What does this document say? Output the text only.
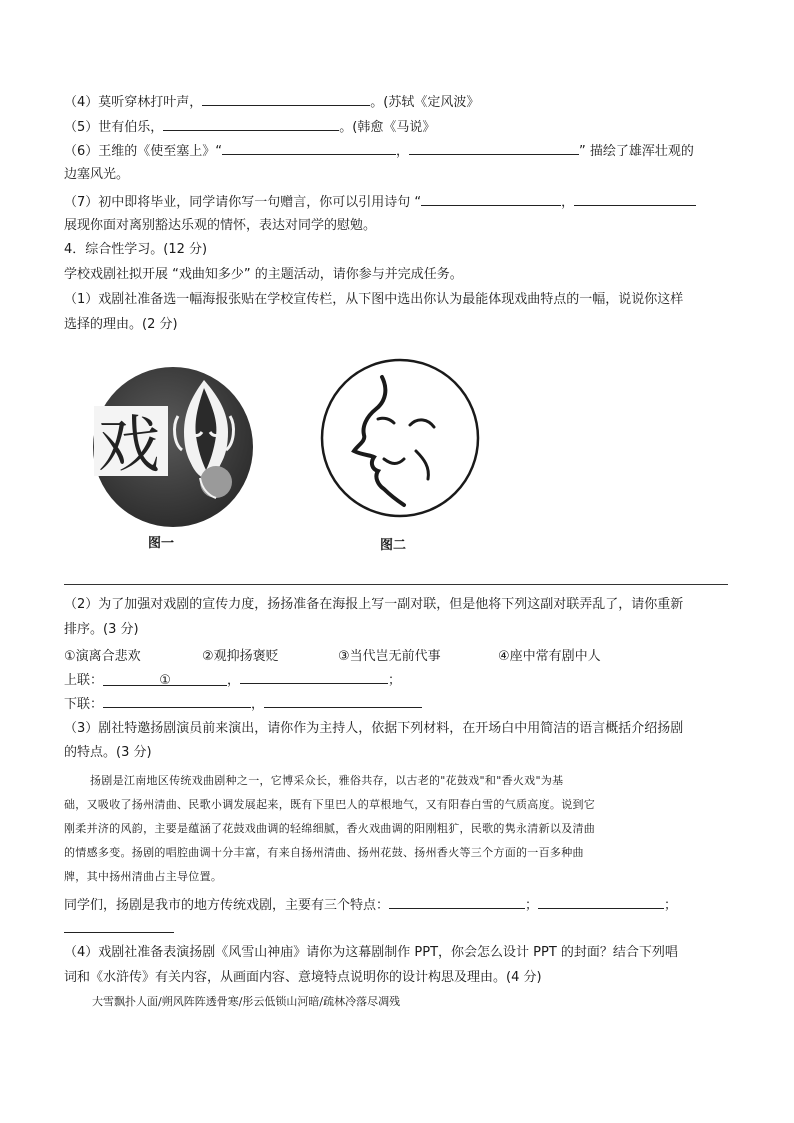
（4）莫听穿林打叶声，	。(苏轼《定风波》
（5）世有伯乐，	。(韩愈《马说》
（6）王维的《使至塞上》“	，	” 描绘了雄浑壮观的
边塞风光。
（7）初中即将毕业，同学请你写一句赠言，你可以引用诗句 “	，
展现你面对离别豁达乐观的情怀，表达对同学的慰勉。
4．综合性学习。(12 分)
学校戏剧社拟开展 “戏曲知多少” 的主题活动，请你参与并完成任务。
（1）戏剧社准备选一幅海报张贴在学校宣传栏，从下图中选出你认为最能体现戏曲特点的一幅，说说你这样
选择的理由。(2 分)
戏
图一	图二
（2）为了加强对戏剧的宣传力度，扬扬准备在海报上写一副对联，但是他将下列这副对联弄乱了，请你重新
排序。(3 分)
①演离合悲欢	②观抑扬褒贬	③当代岂无前代事	④座中常有剧中人
上联：	①	，	；
下联：	，
（3）剧社特邀扬剧演员前来演出，请你作为主持人，依据下列材料，在开场白中用简洁的语言概括介绍扬剧
的特点。(3 分)
扬剧是江南地区传统戏曲剧种之一，它博采众长，雅俗共存，以古老的"花鼓戏"和"香火戏"为基
础，又吸收了扬州清曲、民歌小调发展起来，既有下里巴人的草根地气，又有阳春白雪的气质高度。说到它
刚柔并济的风韵，主要是蕴涵了花鼓戏曲调的轻绵细腻，香火戏曲调的阳刚粗犷，民歌的隽永清新以及清曲
的情感多变。扬剧的唱腔曲调十分丰富，有来自扬州清曲、扬州花鼓、扬州香火等三个方面的一百多种曲
牌，其中扬州清曲占主导位置。
同学们，扬剧是我市的地方传统戏剧，主要有三个特点：	；	；
（4）戏剧社准备表演扬剧《风雪山神庙》请你为这幕剧制作 PPT，你会怎么设计 PPT 的封面？结合下列唱
词和《水浒传》有关内容，从画面内容、意境特点说明你的设计构思及理由。(4 分)
大雪飘扑人面/朔风阵阵透骨寒/彤云低锁山河暗/疏林冷落尽凋残
